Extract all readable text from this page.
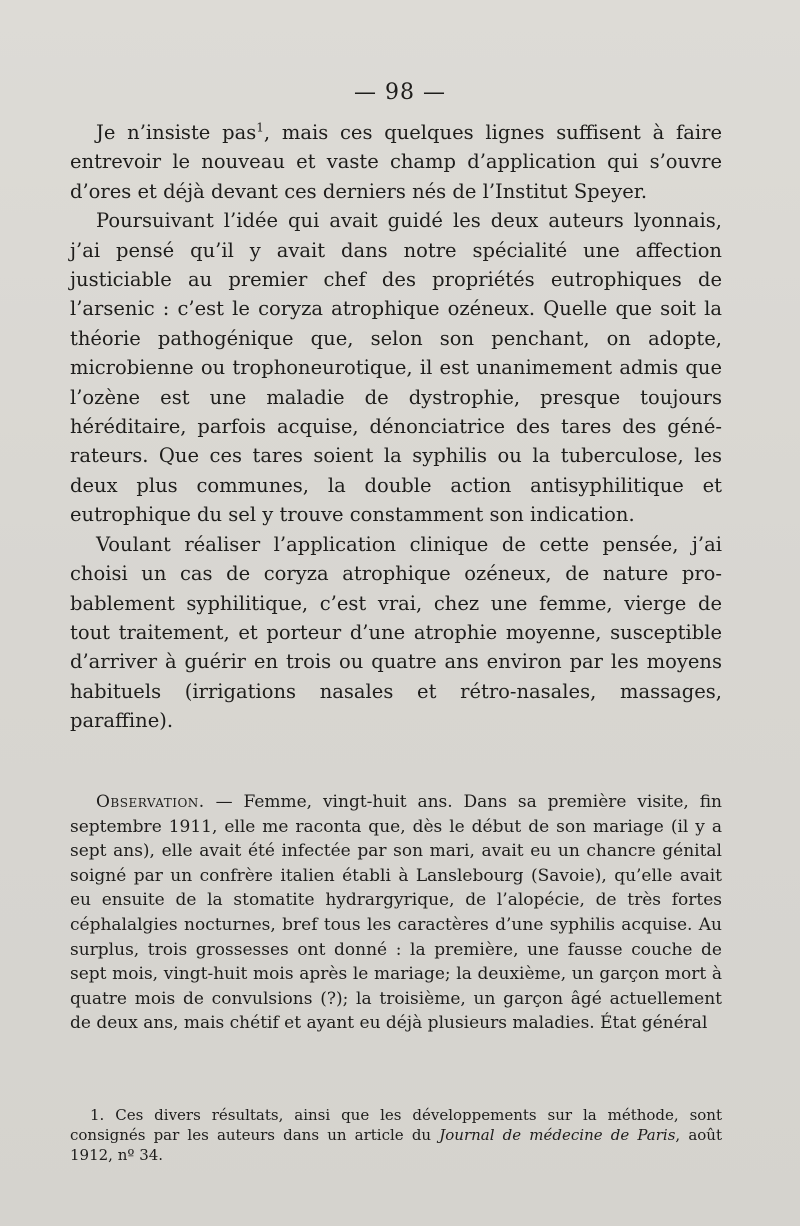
— 98 —

Je n’insiste pas$^1$, mais ces quelques lignes suffisent à faire entrevoir le nouveau et vaste champ d’application qui s’ouvre d’ores et déjà devant ces derniers nés de l’Institut Speyer.

Poursuivant l’idée qui avait guidé les deux auteurs lyonnais, j’ai pensé qu’il y avait dans notre spécialité une affection justiciable au premier chef des propriétés eutrophiques de l’arsenic : c’est le coryza atrophique ozéneux. Quelle que soit la théorie pathogénique que, selon son penchant, on adopte, microbienne ou trophoneurotique, il est unanimement admis que l’ozène est une maladie de dystrophie, presque toujours héréditaire, parfois acquise, dénonciatrice des tares des générateurs. Que ces tares soient la syphilis ou la tuberculose, les deux plus communes, la double action antisyphilitique et eutrophique du sel y trouve constamment son indication.

Voulant réaliser l’application clinique de cette pensée, j’ai choisi un cas de coryza atrophique ozéneux, de nature probablement syphilitique, c’est vrai, chez une femme, vierge de tout traitement, et porteur d’une atrophie moyenne, susceptible d’arriver à guérir en trois ou quatre ans environ par les moyens habituels (irrigations nasales et rétro-nasales, massages, paraffine).

Observation. — Femme, vingt-huit ans. Dans sa première visite, fin septembre 1911, elle me raconta que, dès le début de son mariage (il y a sept ans), elle avait été infectée par son mari, avait eu un chancre génital soigné par un confrère italien établi à Lanslebourg (Savoie), qu’elle avait eu ensuite de la stomatite hydrargyrique, de l’alopécie, de très fortes céphalalgies nocturnes, bref tous les caractères d’une syphilis acquise. Au surplus, trois grossesses ont donné : la première, une fausse couche de sept mois, vingt-huit mois après le mariage; la deuxième, un garçon mort à quatre mois de convulsions (?); la troisième, un garçon âgé actuellement de deux ans, mais chétif et ayant eu déjà plusieurs maladies. État général

1. Ces divers résultats, ainsi que les développements sur la méthode, sont consignés par les auteurs dans un article du Journal de médecine de Paris, août 1912, nº 34.
